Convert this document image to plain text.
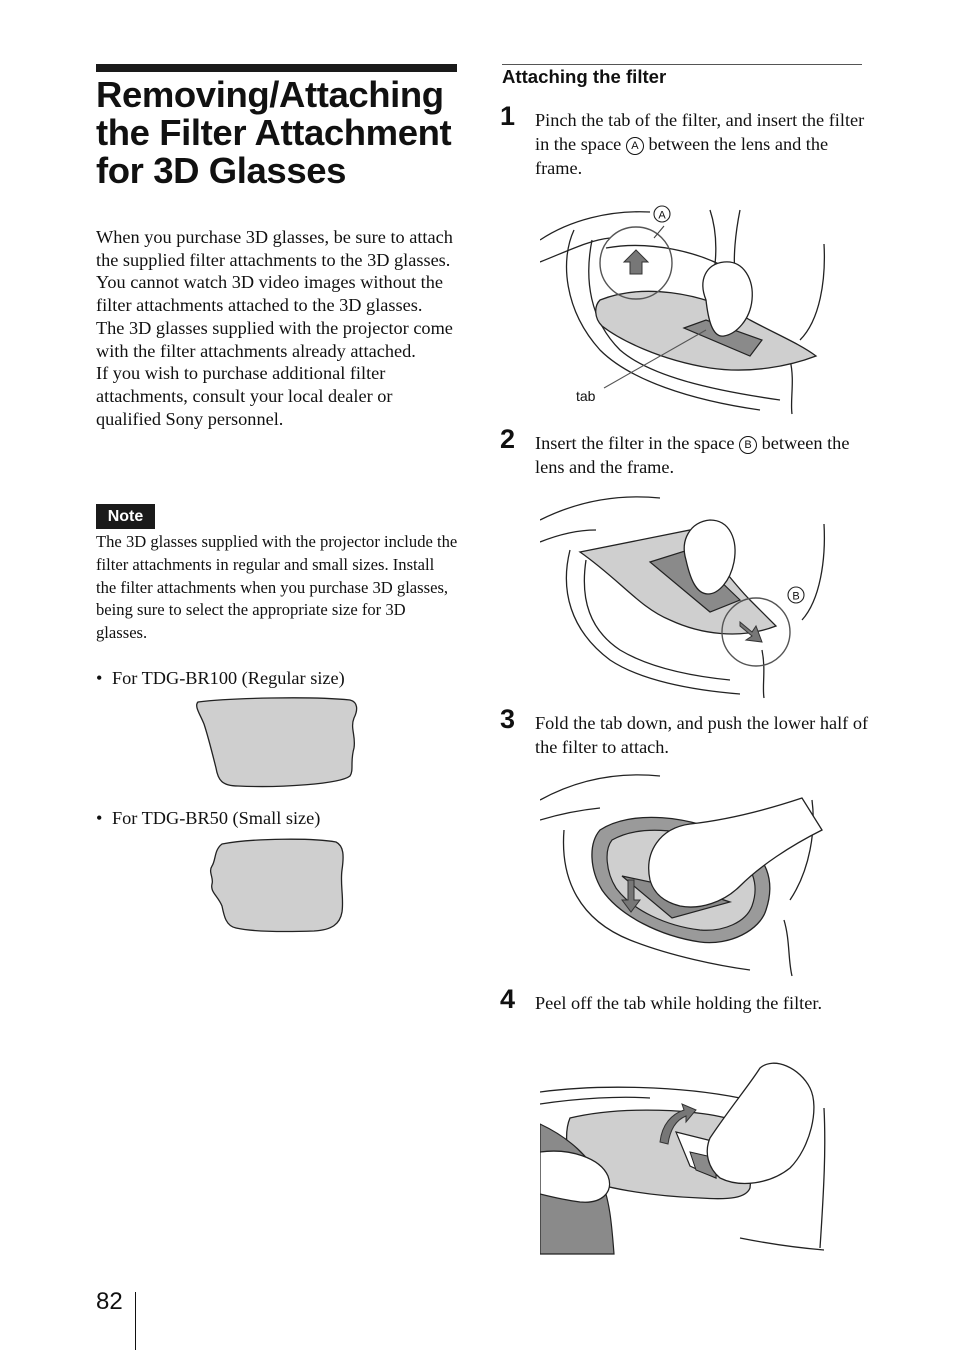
Removing/Attaching
the Filter Attachment
for 3D Glasses

When you purchase 3D glasses, be sure to attach the supplied filter attachments to the 3D glasses. You cannot watch 3D video images without the filter attachments attached to the 3D glasses.

The 3D glasses supplied with the projector come with the filter attachments already attached.

If you wish to purchase additional filter attachments, consult your local dealer or qualified Sony personnel.

Note

The 3D glasses supplied with the projector include the filter attachments in regular and small sizes. Install the filter attachments when you purchase 3D glasses, being sure to select the appropriate size for 3D glasses.

• For TDG-BR100 (Regular size)
• For TDG-BR50 (Small size)
82
Attaching the filter
1 Pinch the tab of the filter, and insert the filter in the space A between the lens and the frame.

A
tab
2 Insert the filter in the space B between the lens and the frame.

B
3 Fold the tab down, and push the lower half of the filter to attach.

4 Peel off the tab while holding the filter.
